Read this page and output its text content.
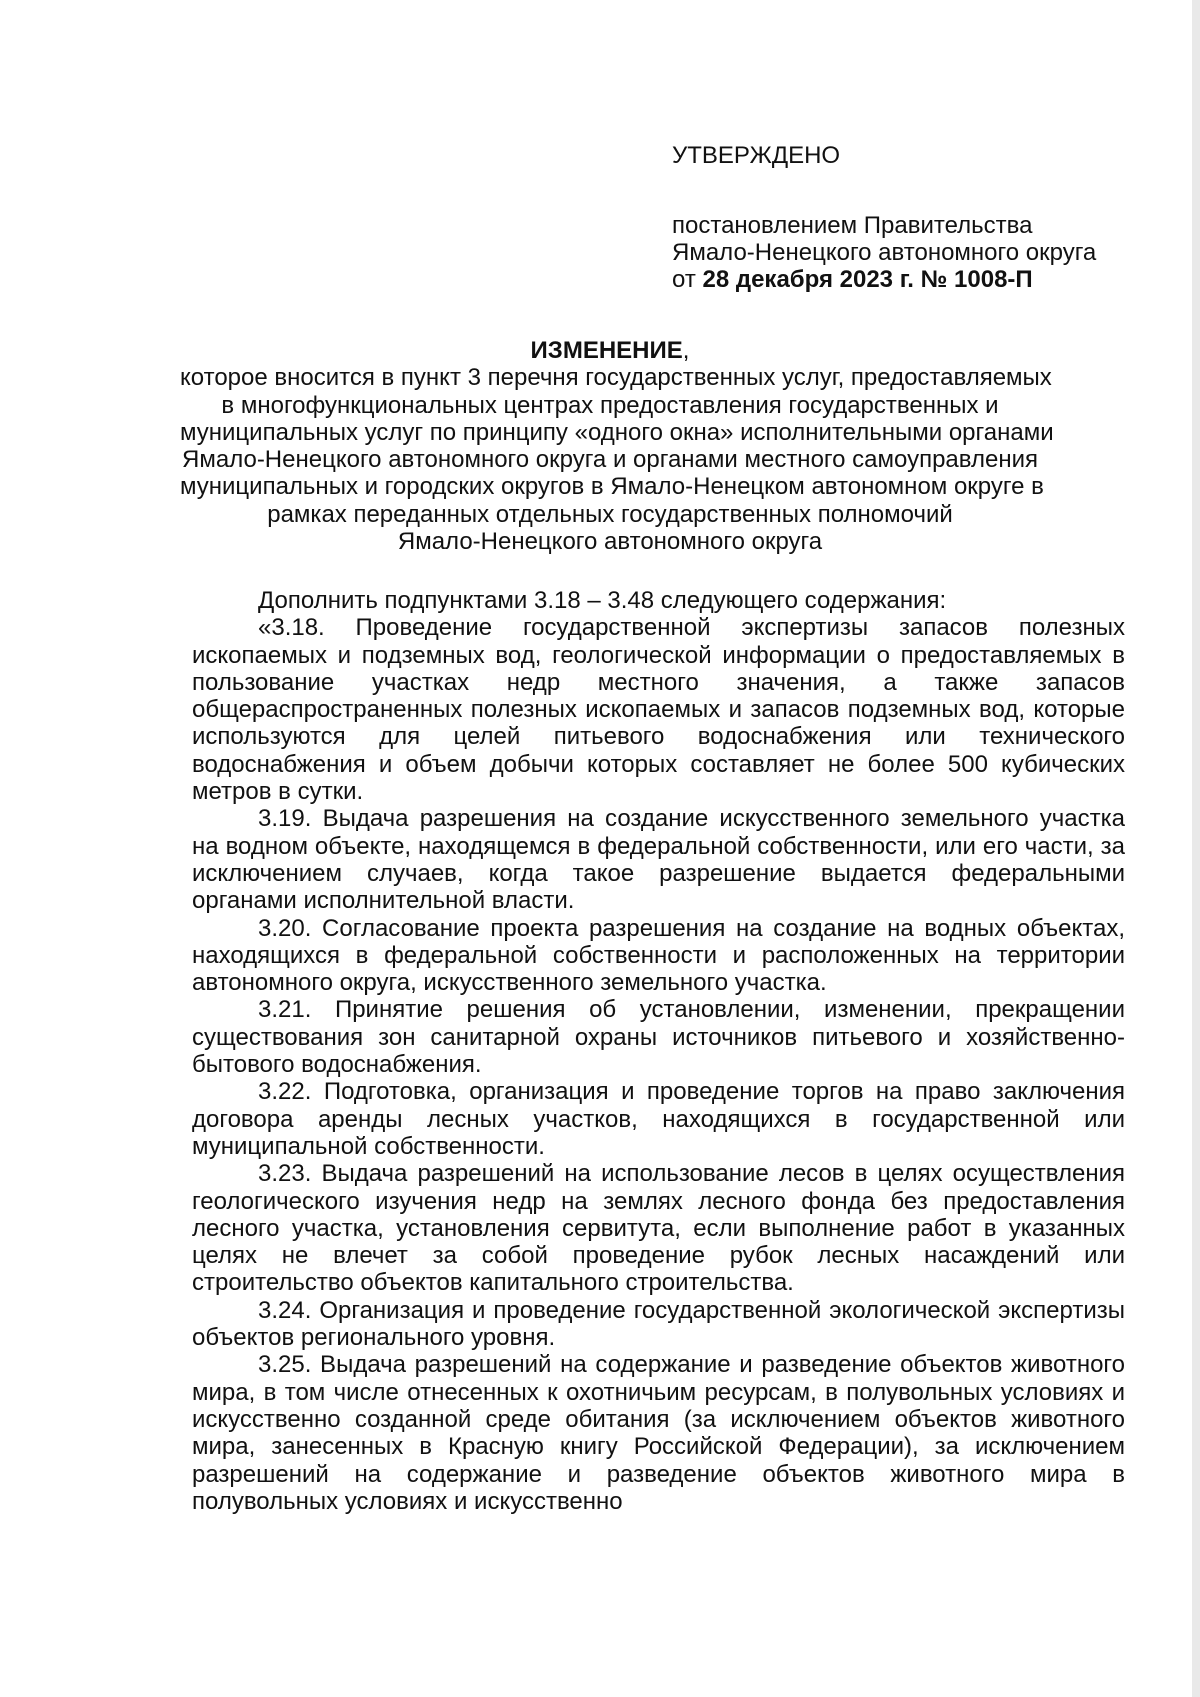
УТВЕРЖДЕНО
постановлением Правительства
Ямало-Ненецкого автономного округа
от 28 декабря 2023 г. № 1008-П
ИЗМЕНЕНИЕ,
которое вносится в пункт 3 перечня государственных услуг, предоставляемых
в многофункциональных центрах предоставления государственных и
муниципальных услуг по принципу «одного окна» исполнительными органами
Ямало-Ненецкого автономного округа и органами местного самоуправления
муниципальных и городских округов в Ямало-Ненецком автономном округе в
рамках переданных отдельных государственных полномочий
Ямало-Ненецкого автономного округа

Дополнить подпунктами 3.18 – 3.48 следующего содержания:

«3.18. Проведение государственной экспертизы запасов полезных ископаемых и подземных вод, геологической информации о предоставляемых в пользование участках недр местного значения, а также запасов общераспространенных полезных ископаемых и запасов подземных вод, которые используются для целей питьевого водоснабжения или технического водоснабжения и объем добычи которых составляет не более 500 кубических метров в сутки.

3.19. Выдача разрешения на создание искусственного земельного участка на водном объекте, находящемся в федеральной собственности, или его части, за исключением случаев, когда такое разрешение выдается федеральными органами исполнительной власти.

3.20. Согласование проекта разрешения на создание на водных объектах, находящихся в федеральной собственности и расположенных на территории автономного округа, искусственного земельного участка.

3.21. Принятие решения об установлении, изменении, прекращении существования зон санитарной охраны источников питьевого и хозяйственно-бытового водоснабжения.

3.22. Подготовка, организация и проведение торгов на право заключения договора аренды лесных участков, находящихся в государственной или муниципальной собственности.

3.23. Выдача разрешений на использование лесов в целях осуществления геологического изучения недр на землях лесного фонда без предоставления лесного участка, установления сервитута, если выполнение работ в указанных целях не влечет за собой проведение рубок лесных насаждений или строительство объектов капитального строительства.

3.24. Организация и проведение государственной экологической экспертизы объектов регионального уровня.

3.25. Выдача разрешений на содержание и разведение объектов животного мира, в том числе отнесенных к охотничьим ресурсам, в полувольных условиях и искусственно созданной среде обитания (за исключением объектов животного мира, занесенных в Красную книгу Российской Федерации), за исключением разрешений на содержание и разведение объектов животного мира в полувольных условиях и искусственно
